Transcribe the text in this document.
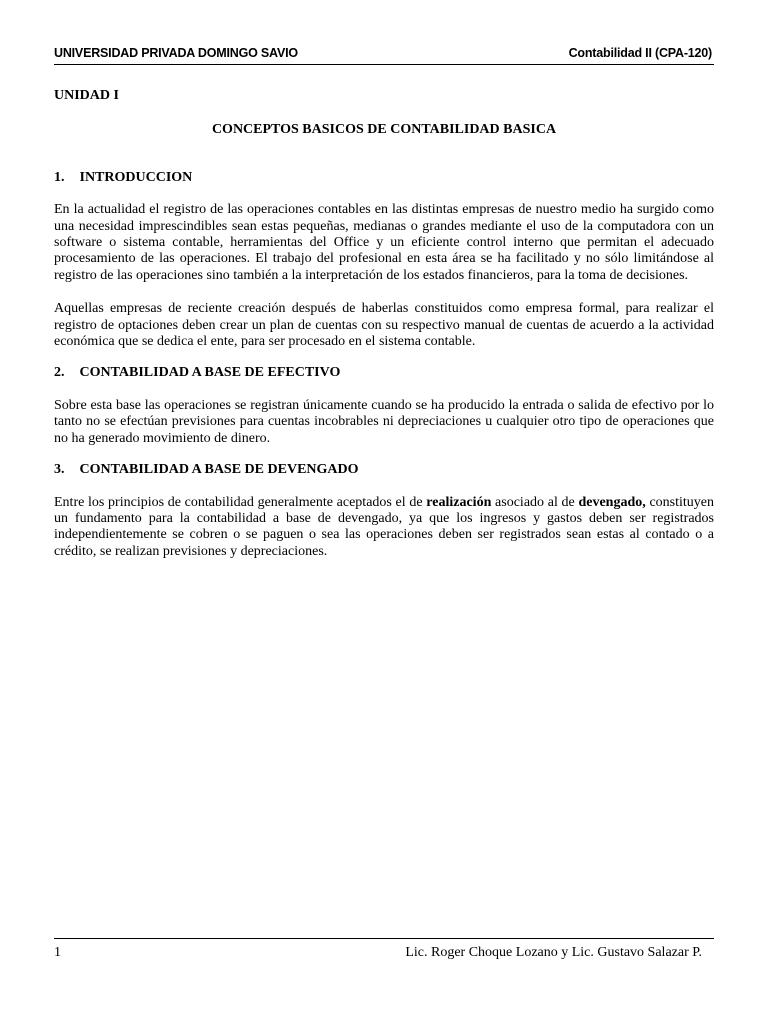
UNIVERSIDAD PRIVADA DOMINGO SAVIO	Contabilidad II (CPA-120)

UNIDAD I

CONCEPTOS BASICOS DE CONTABILIDAD BASICA

1. INTRODUCCION

En la actualidad el registro de las operaciones contables en las distintas empresas de nuestro medio ha surgido como una necesidad imprescindibles sean estas pequeñas, medianas o grandes mediante el uso de la computadora con un software o sistema contable, herramientas del Office y un eficiente control interno que permitan el adecuado procesamiento de las operaciones. El trabajo del profesional en esta área se ha facilitado y no sólo limitándose al registro de las operaciones sino también a la interpretación de los estados financieros, para la toma de decisiones.

Aquellas empresas de reciente creación después de haberlas constituidos como empresa formal, para realizar el registro de optaciones deben crear un plan de cuentas con su respectivo manual de cuentas de acuerdo a la actividad económica que se dedica el ente, para ser procesado en el sistema contable.

2. CONTABILIDAD A BASE DE EFECTIVO

Sobre esta base las operaciones se registran únicamente cuando se ha producido la entrada o salida de efectivo por lo tanto no se efectúan previsiones para cuentas incobrables ni depreciaciones u cualquier otro tipo de operaciones que no ha generado movimiento de dinero.

3. CONTABILIDAD A BASE DE DEVENGADO

Entre los principios de contabilidad generalmente aceptados el de realización asociado al de devengado, constituyen un fundamento para la contabilidad a base de devengado, ya que los ingresos y gastos deben ser registrados independientemente se cobren o se paguen o sea las operaciones deben ser registrados sean estas al contado o a crédito, se realizan previsiones y depreciaciones.

1	Lic. Roger Choque Lozano y Lic. Gustavo Salazar P.
